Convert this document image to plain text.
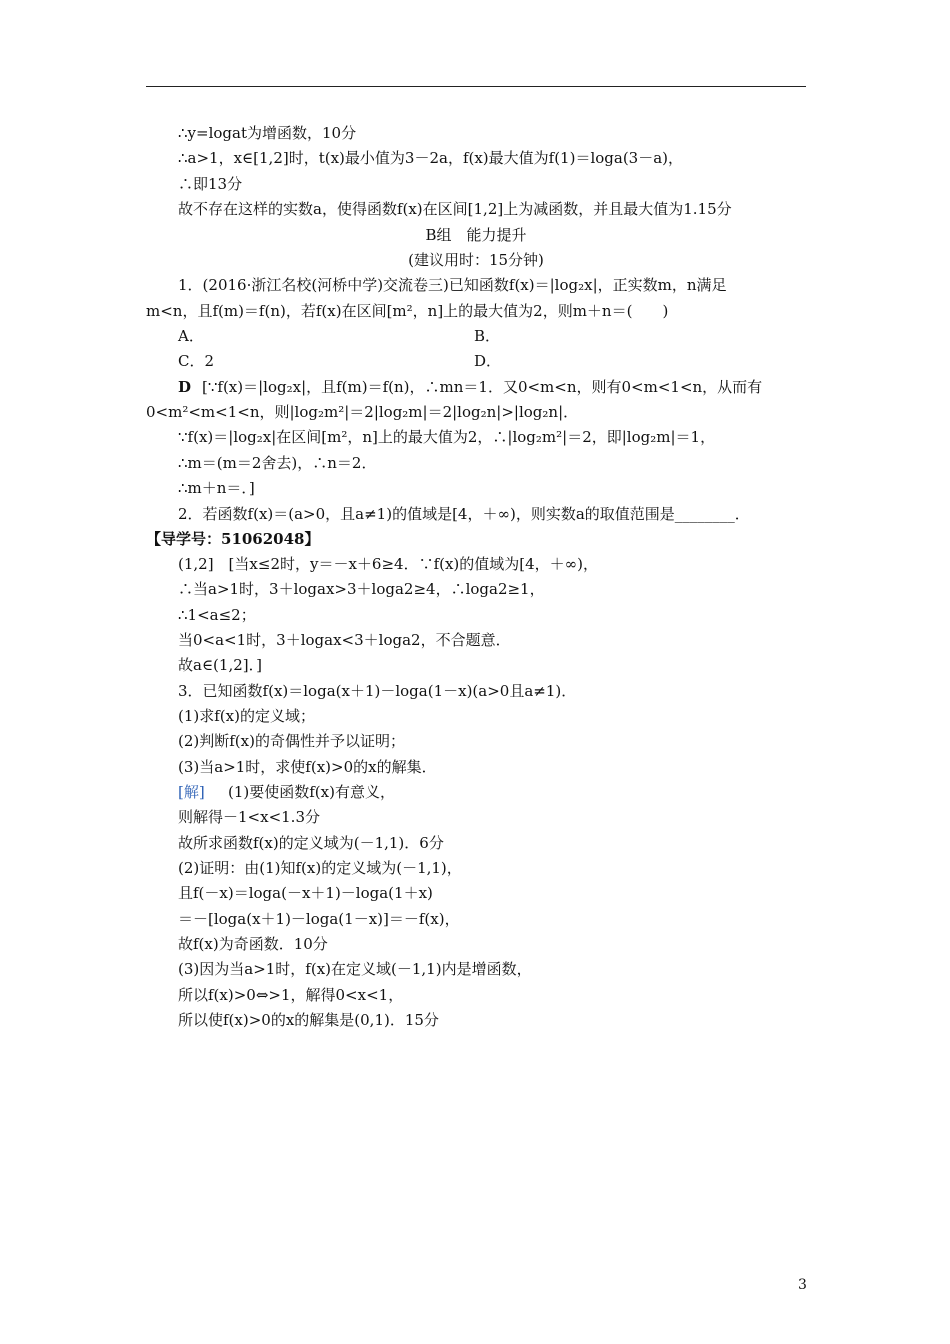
∴y=logat为增函数，10分
∴a>1，x∈[1,2]时，t(x)最小值为3－2a，f(x)最大值为f(1)＝loga(3－a)，
∴即13分
故不存在这样的实数a，使得函数f(x)在区间[1,2]上为减函数，并且最大值为1.15分
B组　能力提升
(建议用时：15分钟)
1．(2016·浙江名校(河桥中学)交流卷三)已知函数f(x)＝|log₂x|，正实数m，n满足
m<n，且f(m)＝f(n)，若f(x)在区间[m²，n]上的最大值为2，则m＋n＝(　　)
A．	B．
C．2	D．
D [∵f(x)＝|log₂x|，且f(m)＝f(n)，∴mn＝1．又0<m<n，则有0<m<1<n，从而有
0<m²<m<1<n，则|log₂m²|＝2|log₂m|＝2|log₂n|>|log₂n|．
∵f(x)＝|log₂x|在区间[m²，n]上的最大值为2，∴|log₂m²|＝2，即|log₂m|＝1，
∴m＝(m＝2舍去)，∴n＝2．
∴m＋n＝．]
2．若函数f(x)＝(a>0，且a≠1)的值域是[4，＋∞)，则实数a的取值范围是________．
【导学号：51062048】
(1,2]　[当x≤2时，y＝－x＋6≥4．∵f(x)的值域为[4，＋∞)，
∴当a>1时，3＋logax>3＋loga2≥4，∴loga2≥1，
∴1<a≤2；
当0<a<1时，3＋logax<3＋loga2，不合题意．
故a∈(1,2]．]
3．已知函数f(x)＝loga(x＋1)－loga(1－x)(a>0且a≠1)．
(1)求f(x)的定义域；
(2)判断f(x)的奇偶性并予以证明；
(3)当a>1时，求使f(x)>0的x的解集．
[解] (1)要使函数f(x)有意义，
则解得－1<x<1.3分
故所求函数f(x)的定义域为(－1,1)．6分
(2)证明：由(1)知f(x)的定义域为(－1,1)，
且f(－x)＝loga(－x＋1)－loga(1＋x)
＝－[loga(x＋1)－loga(1－x)]＝－f(x)，
故f(x)为奇函数．10分
(3)因为当a>1时，f(x)在定义域(－1,1)内是增函数，
所以f(x)>0⇔>1，解得0<x<1，
所以使f(x)>0的x的解集是(0,1)．15分
3
